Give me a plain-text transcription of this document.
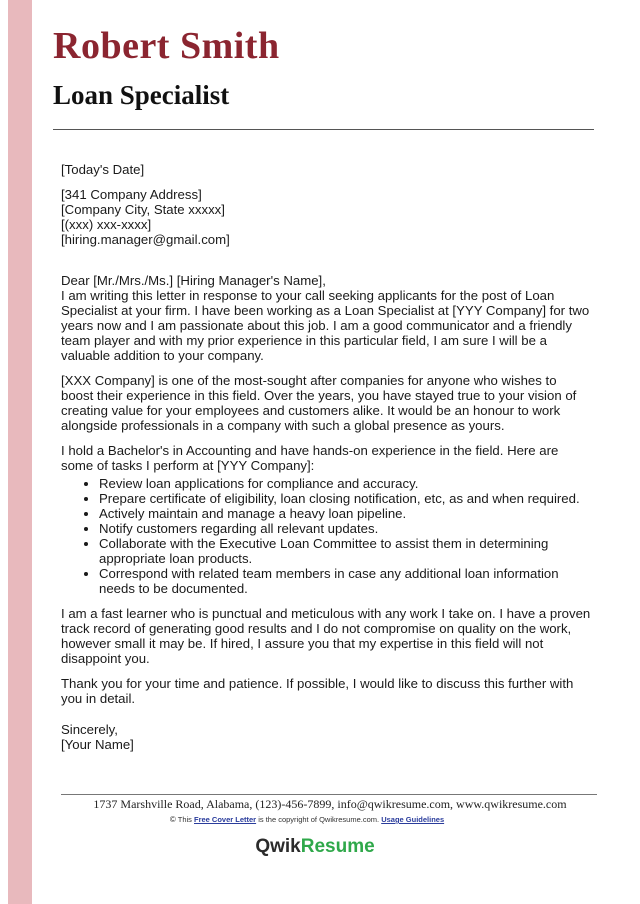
Robert Smith
Loan Specialist

[Today's Date]

[341 Company Address]

[Company City, State xxxxx]

[(xxx) xxx-xxxx]

[hiring.manager@gmail.com]

Dear [Mr./Mrs./Ms.] [Hiring Manager's Name],

I am writing this letter in response to your call seeking applicants for the post of Loan Specialist at your firm. I have been working as a Loan Specialist at [YYY Company] for two years now and I am passionate about this job. I am a good communicator and a friendly team player and with my prior experience in this particular field, I am sure I will be a valuable addition to your company.

[XXX Company] is one of the most-sought after companies for anyone who wishes to boost their experience in this field. Over the years, you have stayed true to your vision of creating value for your employees and customers alike. It would be an honour to work alongside professionals in a company with such a global presence as yours.

I hold a Bachelor's in Accounting and have hands-on experience in the field. Here are some of tasks I perform at [YYY Company]:

• Review loan applications for compliance and accuracy.
• Prepare certificate of eligibility, loan closing notification, etc, as and when required.
• Actively maintain and manage a heavy loan pipeline.
• Notify customers regarding all relevant updates.
• Collaborate with the Executive Loan Committee to assist them in determining appropriate loan products.
• Correspond with related team members in case any additional loan information needs to be documented.

I am a fast learner who is punctual and meticulous with any work I take on. I have a proven track record of generating good results and I do not compromise on quality on the work, however small it may be. If hired, I assure you that my expertise in this field will not disappoint you.

Thank you for your time and patience. If possible, I would like to discuss this further with you in detail.

Sincerely,

[Your Name]

1737 Marshville Road, Alabama, (123)-456-7899, info@qwikresume.com, www.qwikresume.com
© This Free Cover Letter is the copyright of Qwikresume.com. Usage Guidelines
QwikResume
